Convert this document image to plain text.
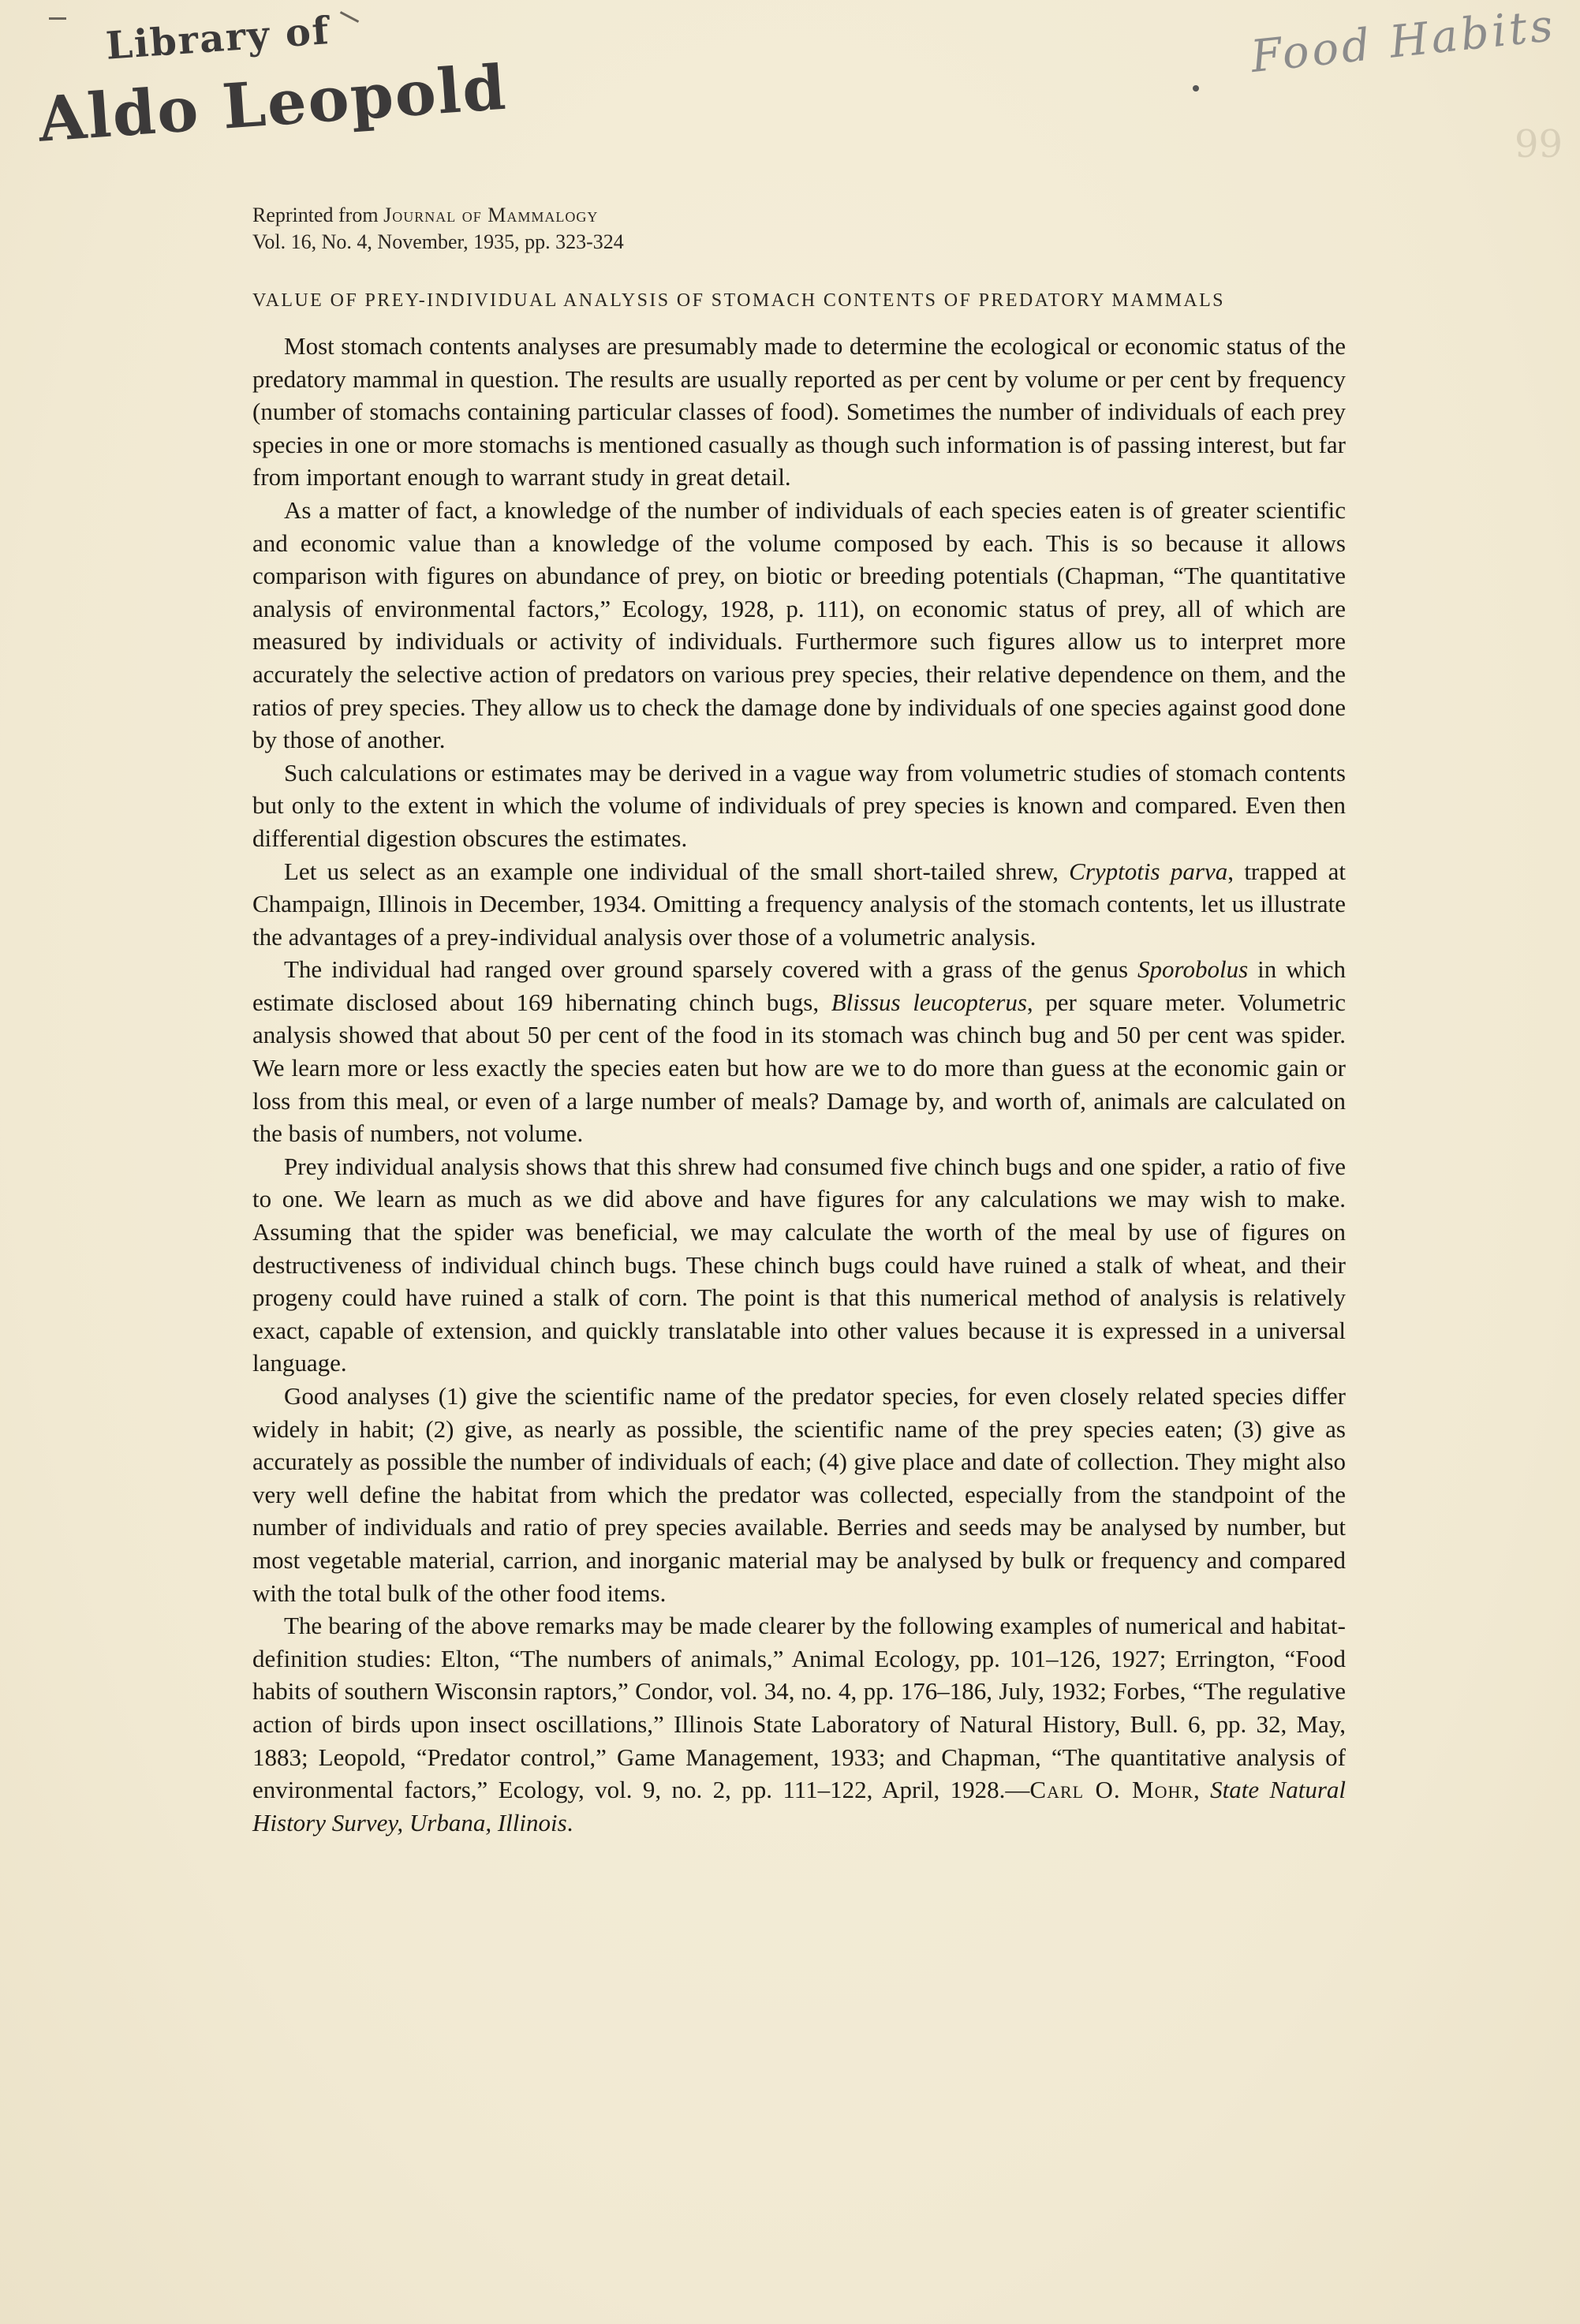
Library of
Aldo Leopold
Food Habits
99
Reprinted from Journal of Mammalogy
Vol. 16, No. 4, November, 1935, pp. 323-324
VALUE OF PREY-INDIVIDUAL ANALYSIS OF STOMACH CONTENTS OF PREDATORY MAMMALS

Most stomach contents analyses are presumably made to determine the ecological or economic status of the predatory mammal in question. The results are usually reported as per cent by volume or per cent by frequency (number of stomachs containing particular classes of food). Sometimes the number of individuals of each prey species in one or more stomachs is mentioned casually as though such information is of passing interest, but far from important enough to warrant study in great detail.

As a matter of fact, a knowledge of the number of individuals of each species eaten is of greater scientific and economic value than a knowledge of the volume composed by each. This is so because it allows comparison with figures on abundance of prey, on biotic or breeding potentials (Chapman, “The quantitative analysis of environmental factors,” Ecology, 1928, p. 111), on economic status of prey, all of which are measured by individuals or activity of individuals. Furthermore such figures allow us to interpret more accurately the selective action of predators on various prey species, their relative dependence on them, and the ratios of prey species. They allow us to check the damage done by individuals of one species against good done by those of another.

Such calculations or estimates may be derived in a vague way from volumetric studies of stomach contents but only to the extent in which the volume of individuals of prey species is known and compared. Even then differential digestion obscures the estimates.

Let us select as an example one individual of the small short-tailed shrew, Cryptotis parva, trapped at Champaign, Illinois in December, 1934. Omitting a frequency analysis of the stomach contents, let us illustrate the advantages of a prey-individual analysis over those of a volumetric analysis.

The individual had ranged over ground sparsely covered with a grass of the genus Sporobolus in which estimate disclosed about 169 hibernating chinch bugs, Blissus leucopterus, per square meter. Volumetric analysis showed that about 50 per cent of the food in its stomach was chinch bug and 50 per cent was spider. We learn more or less exactly the species eaten but how are we to do more than guess at the economic gain or loss from this meal, or even of a large number of meals? Damage by, and worth of, animals are calculated on the basis of numbers, not volume.

Prey individual analysis shows that this shrew had consumed five chinch bugs and one spider, a ratio of five to one. We learn as much as we did above and have figures for any calculations we may wish to make. Assuming that the spider was beneficial, we may calculate the worth of the meal by use of figures on destructiveness of individual chinch bugs. These chinch bugs could have ruined a stalk of wheat, and their progeny could have ruined a stalk of corn. The point is that this numerical method of analysis is relatively exact, capable of extension, and quickly translatable into other values because it is expressed in a universal language.

Good analyses (1) give the scientific name of the predator species, for even closely related species differ widely in habit; (2) give, as nearly as possible, the scientific name of the prey species eaten; (3) give as accurately as possible the number of individuals of each; (4) give place and date of collection. They might also very well define the habitat from which the predator was collected, especially from the standpoint of the number of individuals and ratio of prey species available. Berries and seeds may be analysed by number, but most vegetable material, carrion, and inorganic material may be analysed by bulk or frequency and compared with the total bulk of the other food items.

The bearing of the above remarks may be made clearer by the following examples of numerical and habitat-definition studies: Elton, “The numbers of animals,” Animal Ecology, pp. 101–126, 1927; Errington, “Food habits of southern Wisconsin raptors,” Condor, vol. 34, no. 4, pp. 176–186, July, 1932; Forbes, “The regulative action of birds upon insect oscillations,” Illinois State Laboratory of Natural History, Bull. 6, pp. 32, May, 1883; Leopold, “Predator control,” Game Management, 1933; and Chapman, “The quantitative analysis of environmental factors,” Ecology, vol. 9, no. 2, pp. 111–122, April, 1928.—Carl O. Mohr, State Natural History Survey, Urbana, Illinois.
